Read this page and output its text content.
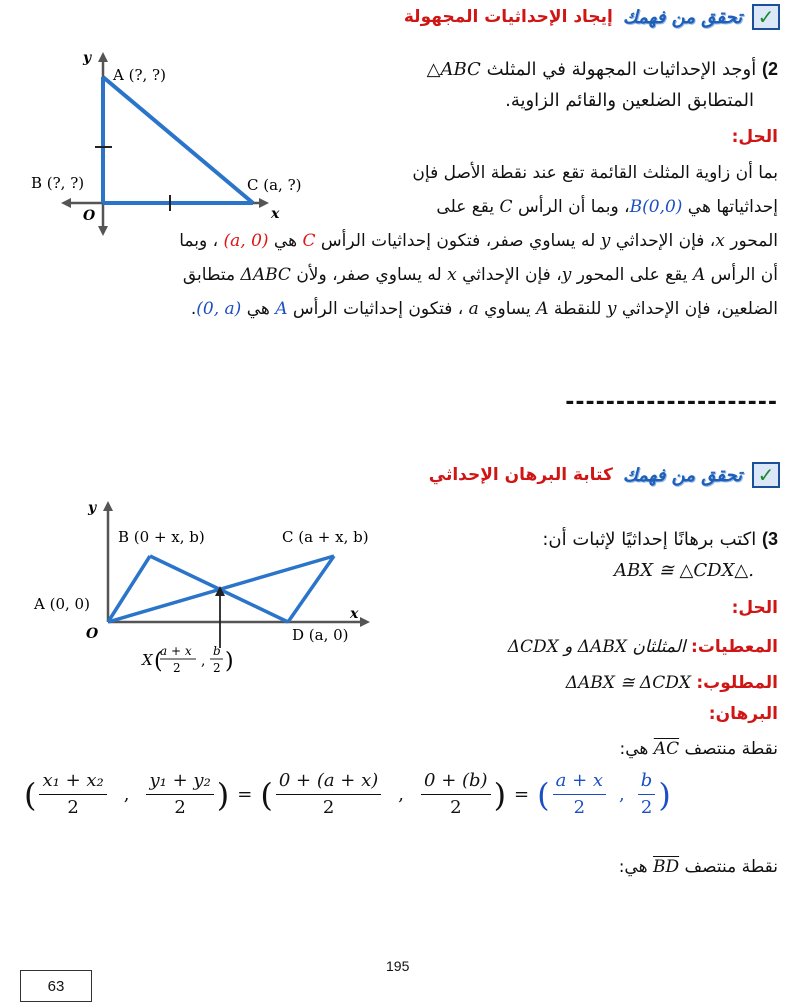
✓
تحقق من فهمك
إيجاد الإحداثيات المجهولة
y
x
O
A (?, ?)
B (?, ?)	C (a, ?)
2) أوجد الإحداثيات المجهولة في المثلث △ABC
المتطابق الضلعين والقائم الزاوية.
الحل:
بما أن زاوية المثلث القائمة تقع عند نقطة الأصل فإن
إحداثياتها هي B(0,0)، وبما أن الرأس C يقع على
المحور x، فإن الإحداثي y له يساوي صفر، فتكون إحداثيات الرأس C هي (a, 0) ، وبما
أن الرأس A يقع على المحور y، فإن الإحداثي x له يساوي صفر، ولأن ΔABC متطابق
الضلعين، فإن الإحداثي y للنقطة A يساوي a ، فتكون إحداثيات الرأس A هي (0, a).
---------------------
✓
تحقق من فهمك
كتابة البرهان الإحداثي
y
x
O
B (0 + x, b)	C (a + x, b)
A (0, 0)
D (a, 0)
X (
a + x
2 ,
b
2 )
3) اكتب برهانًا إحداثيًا لإثبات أن:
.△ABX ≅ △CDX
الحل:
المعطيات: المثلثان ΔABX و ΔCDX
المطلوب: ΔABX ≅ ΔCDX
البرهان:
نقطة منتصف AC هي:
( $\frac{\text{x₁ + x₂}}{2}$ , $\frac{\text{y₁ + y₂}}{2}$ ) = ( $\frac{0 + (a + x)}{2}$ , $\frac{0 + (b)}{2}$ ) = ( $\frac{a + x}{2}$ , $\frac{b}{2}$ )
نقطة منتصف BD هي:
195
63
